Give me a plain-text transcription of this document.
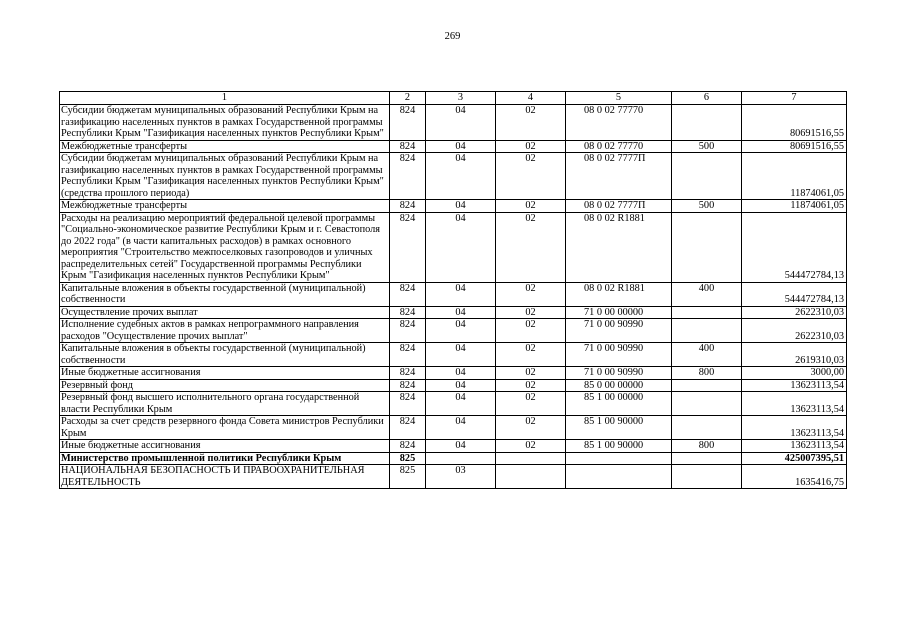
269
1	2	3	4	5	6	7
Субсидии бюджетам муниципальных образований Республики Крым на газификацию населенных пунктов в рамках Государственной программы Республики Крым "Газификация населенных пунктов Республики Крым"	824	04	02	08 0 02 77770		80691516,55
Межбюджетные трансферты	824	04	02	08 0 02 77770	500	80691516,55
Субсидии бюджетам муниципальных образований Республики Крым на газификацию населенных пунктов в рамках Государственной программы Республики Крым "Газификация населенных пунктов Республики Крым" (средства прошлого периода)	824	04	02	08 0 02 7777П		11874061,05
Межбюджетные трансферты	824	04	02	08 0 02 7777П	500	11874061,05
Расходы на реализацию мероприятий федеральной целевой программы "Социально-экономическое развитие Республики Крым и г. Севастополя до 2022 года" (в части капитальных расходов) в рамках основного мероприятия "Строительство межпоселковых газопроводов и уличных распределительных сетей" Государственной программы Республики Крым "Газификация населенных пунктов Республики Крым"	824	04	02	08 0 02 R1881		544472784,13
Капитальные вложения в объекты государственной (муниципальной) собственности	824	04	02	08 0 02 R1881	400	544472784,13
Осуществление прочих выплат	824	04	02	71 0 00 00000		2622310,03
Исполнение судебных актов в рамках непрограммного направления расходов "Осуществление прочих выплат"	824	04	02	71 0 00 90990		2622310,03
Капитальные вложения в объекты государственной (муниципальной) собственности	824	04	02	71 0 00 90990	400	2619310,03
Иные бюджетные ассигнования	824	04	02	71 0 00 90990	800	3000,00
Резервный фонд	824	04	02	85 0 00 00000		13623113,54
Резервный фонд высшего исполнительного органа государственной власти Республики Крым	824	04	02	85 1 00 00000		13623113,54
Расходы за счет средств резервного фонда Совета министров Республики Крым	824	04	02	85 1 00 90000		13623113,54
Иные бюджетные ассигнования	824	04	02	85 1 00 90000	800	13623113,54
Министерство промышленной политики Республики Крым	825					425007395,51
НАЦИОНАЛЬНАЯ БЕЗОПАСНОСТЬ И ПРАВООХРАНИТЕЛЬНАЯ ДЕЯТЕЛЬНОСТЬ	825	03				1635416,75
